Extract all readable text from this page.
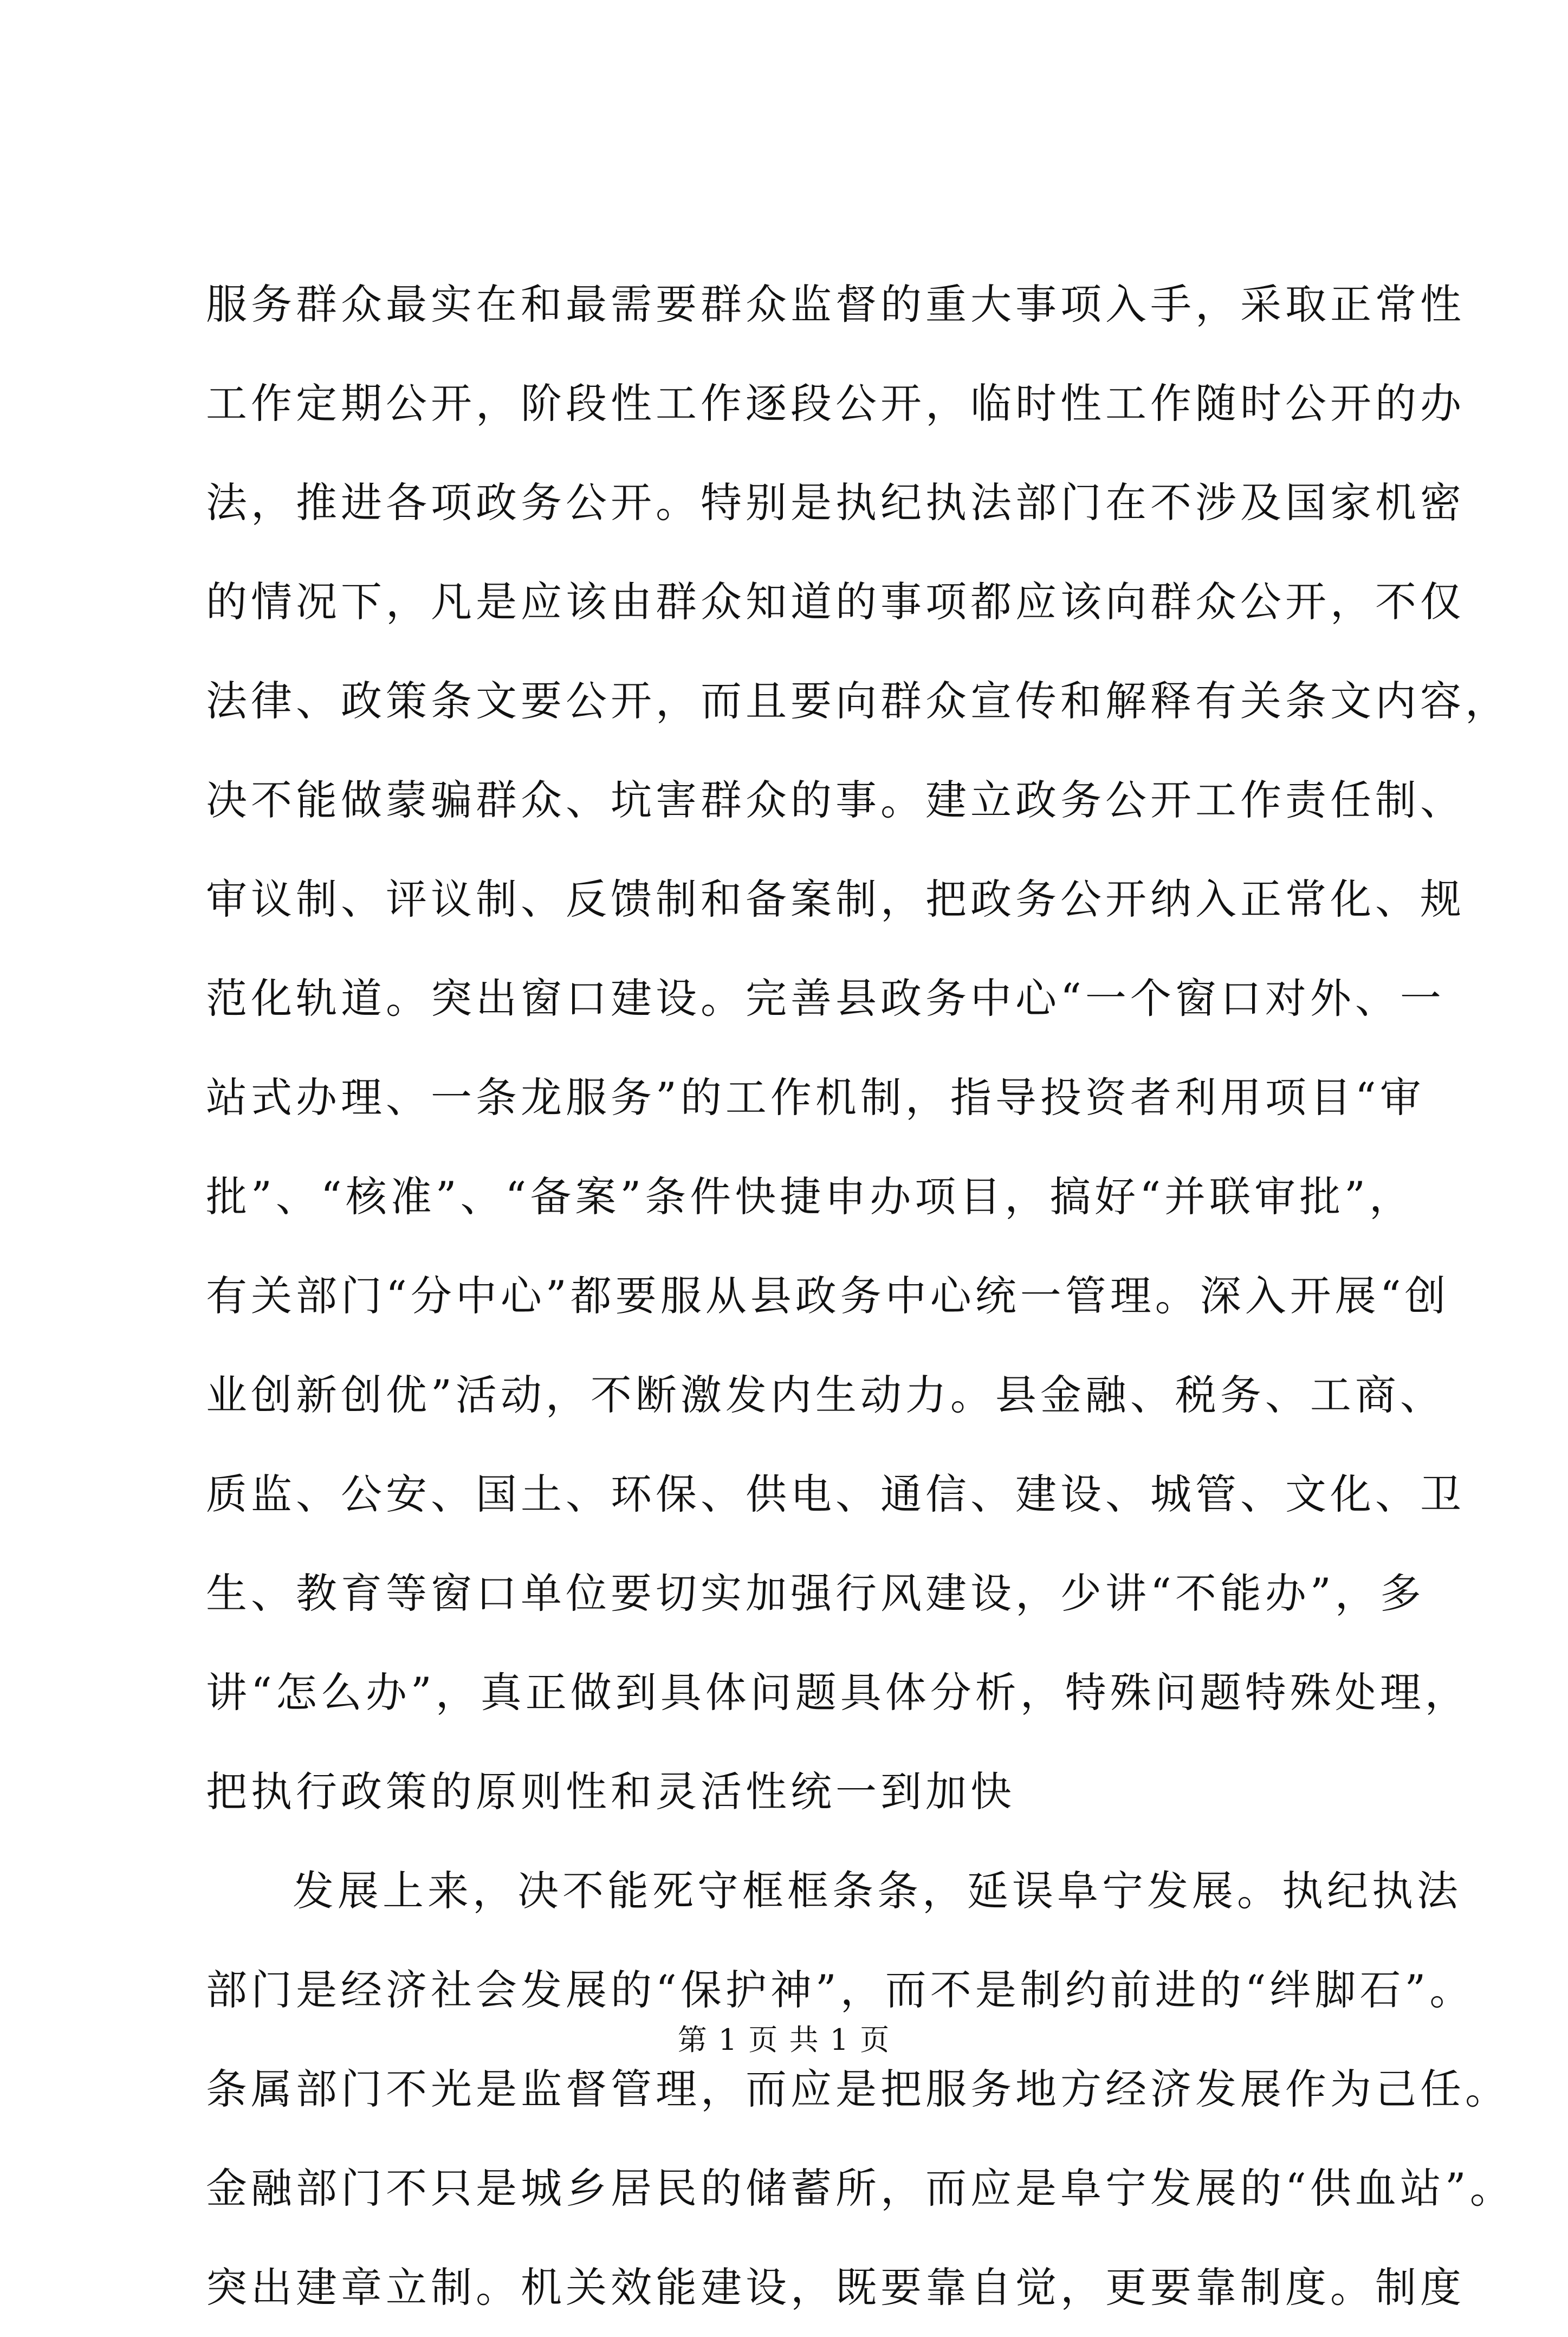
服务群众最实在和最需要群众监督的重大事项入手，采取正常性
工作定期公开，阶段性工作逐段公开，临时性工作随时公开的办
法，推进各项政务公开。特别是执纪执法部门在不涉及国家机密
的情况下，凡是应该由群众知道的事项都应该向群众公开，不仅
法律、政策条文要公开，而且要向群众宣传和解释有关条文内容，
决不能做蒙骗群众、坑害群众的事。建立政务公开工作责任制、
审议制、评议制、反馈制和备案制，把政务公开纳入正常化、规
范化轨道。突出窗口建设。完善县政务中心“一个窗口对外、一
站式办理、一条龙服务”的工作机制，指导投资者利用项目“审
批”、“核准”、“备案”条件快捷申办项目，搞好“并联审批”，
有关部门“分中心”都要服从县政务中心统一管理。深入开展“创
业创新创优”活动，不断激发内生动力。县金融、税务、工商、
质监、公安、国土、环保、供电、通信、建设、城管、文化、卫
生、教育等窗口单位要切实加强行风建设，少讲“不能办”，多
讲“怎么办”，真正做到具体问题具体分析，特殊问题特殊处理，
把执行政策的原则性和灵活性统一到加快
发展上来，决不能死守框框条条，延误阜宁发展。执纪执法
部门是经济社会发展的“保护神”，而不是制约前进的“绊脚石”。
条属部门不光是监督管理，而应是把服务地方经济发展作为己任。
金融部门不只是城乡居民的储蓄所，而应是阜宁发展的“供血站”。
突出建章立制。机关效能建设，既要靠自觉，更要靠制度。制度
第 1 页 共 1 页
